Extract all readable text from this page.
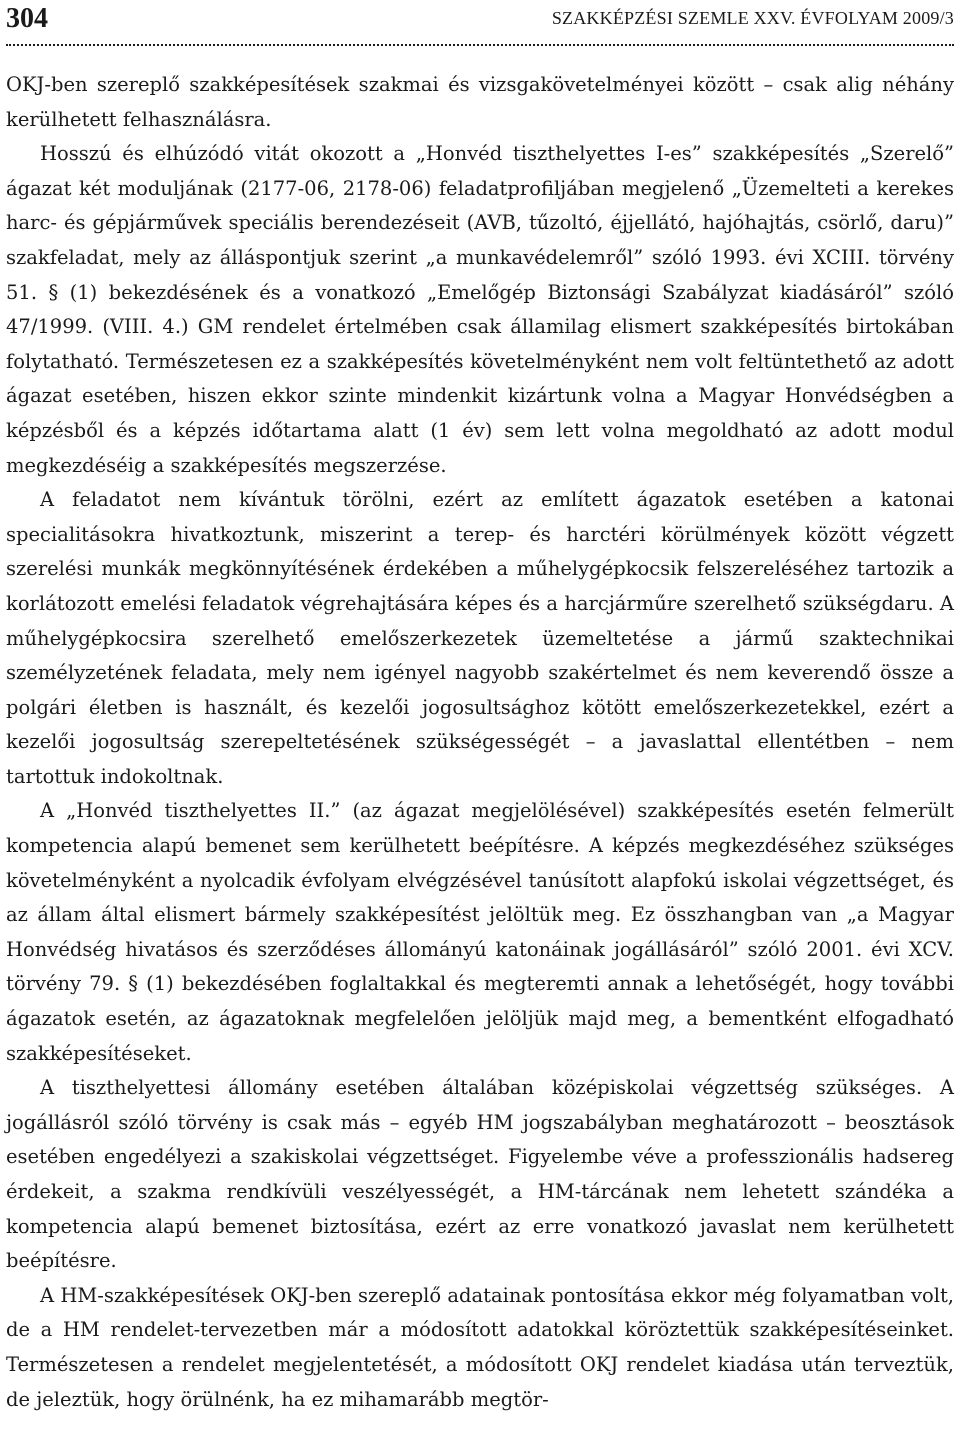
304	SZAKKÉPZÉSI SZEMLE XXV. ÉVFOLYAM 2009/3

OKJ-ben szereplő szakképesítések szakmai és vizsgakövetelményei között – csak alig néhány kerülhetett felhasználásra.

Hosszú és elhúzódó vitát okozott a „Honvéd tiszthelyettes I-es” szakképesítés „Szerelő” ágazat két moduljának (2177-06, 2178-06) feladatprofiljában megjelenő „Üzemelteti a kerekes harc- és gépjárművek speciális berendezéseit (AVB, tűzoltó, éjjellátó, hajóhajtás, csörlő, daru)” szakfeladat, mely az álláspontjuk szerint „a munkavédelemről” szóló 1993. évi XCIII. törvény 51. § (1) bekezdésének és a vonatkozó „Emelőgép Biztonsági Szabályzat kiadásáról” szóló 47/1999. (VIII. 4.) GM rendelet értelmében csak államilag elismert szakképesítés birtokában folytatható. Természetesen ez a szakképesítés követelményként nem volt feltüntethető az adott ágazat esetében, hiszen ekkor szinte mindenkit kizártunk volna a Magyar Honvédségben a képzésből és a képzés időtartama alatt (1 év) sem lett volna megoldható az adott modul megkezdéséig a szakképesítés megszerzése.

A feladatot nem kívántuk törölni, ezért az említett ágazatok esetében a katonai specialitásokra hivatkoztunk, miszerint a terep- és harctéri körülmények között végzett szerelési munkák megkönnyítésének érdekében a műhelygépkocsik felszereléséhez tartozik a korlátozott emelési feladatok végrehajtására képes és a harcjárműre szerelhető szükségdaru. A műhelygépkocsira szerelhető emelőszerkezetek üzemeltetése a jármű szaktechnikai személyzetének feladata, mely nem igényel nagyobb szakértelmet és nem keverendő össze a polgári életben is használt, és kezelői jogosultsághoz kötött emelőszerkezetekkel, ezért a kezelői jogosultság szerepeltetésének szükségességét – a javaslattal ellentétben – nem tartottuk indokoltnak.

A „Honvéd tiszthelyettes II.” (az ágazat megjelölésével) szakképesítés esetén felmerült kompetencia alapú bemenet sem kerülhetett beépítésre. A képzés megkezdéséhez szükséges követelményként a nyolcadik évfolyam elvégzésével tanúsított alapfokú iskolai végzettséget, és az állam által elismert bármely szakképesítést jelöltük meg. Ez összhangban van „a Magyar Honvédség hivatásos és szerződéses állományú katonáinak jogállásáról” szóló 2001. évi XCV. törvény 79. § (1) bekezdésében foglaltakkal és megteremti annak a lehetőségét, hogy további ágazatok esetén, az ágazatoknak megfelelően jelöljük majd meg, a bementként elfogadható szakképesítéseket.

A tiszthelyettesi állomány esetében általában középiskolai végzettség szükséges. A jogállásról szóló törvény is csak más – egyéb HM jogszabályban meghatározott – beosztások esetében engedélyezi a szakiskolai végzettséget. Figyelembe véve a professzionális hadsereg érdekeit, a szakma rendkívüli veszélyességét, a HM-tárcának nem lehetett szándéka a kompetencia alapú bemenet biztosítása, ezért az erre vonatkozó javaslat nem kerülhetett beépítésre.

A HM-szakképesítések OKJ-ben szereplő adatainak pontosítása ekkor még folyamatban volt, de a HM rendelet-tervezetben már a módosított adatokkal köröztettük szakképesítéseinket. Természetesen a rendelet megjelentetését, a módosított OKJ rendelet kiadása után terveztük, de jeleztük, hogy örülnénk, ha ez mihamarább megtör-
